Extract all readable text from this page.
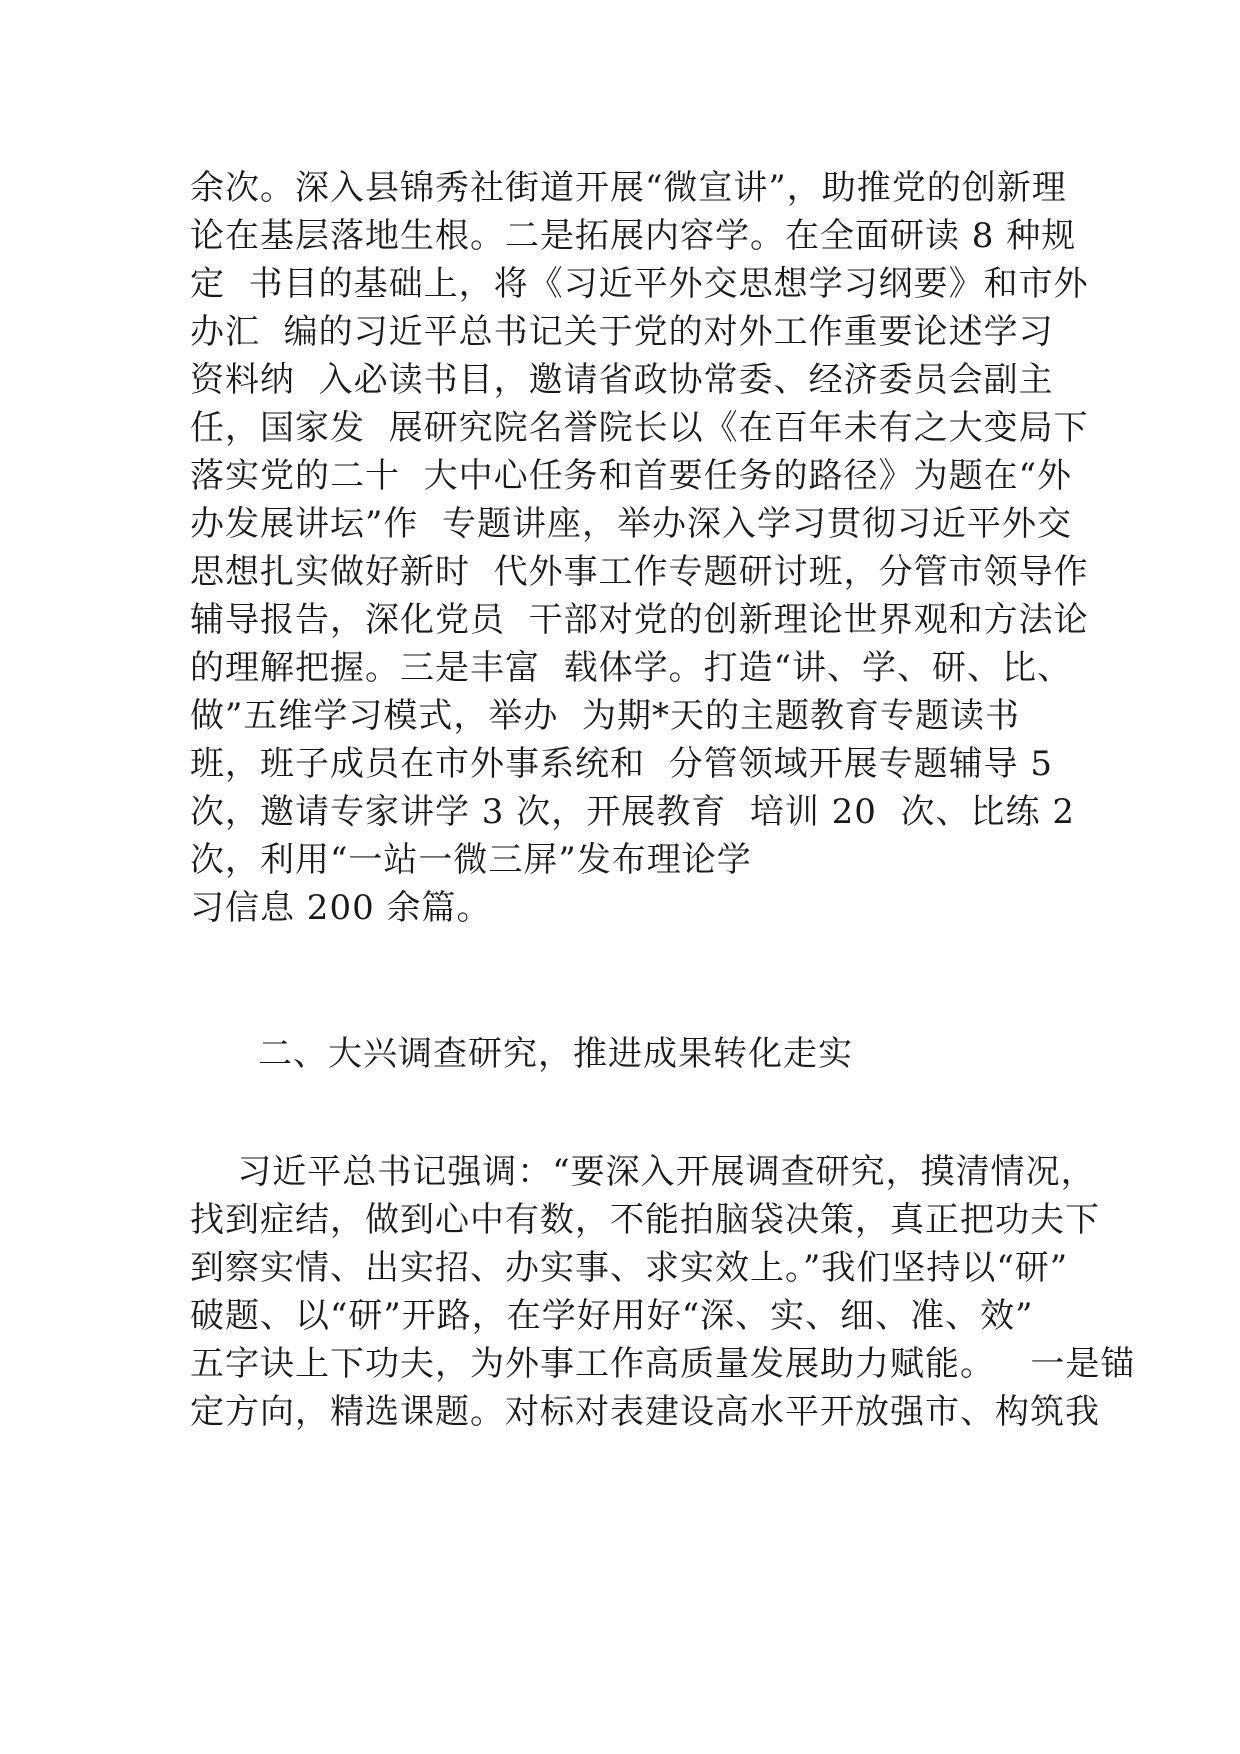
余次。深入县锦秀社街道开展“微宣讲”，助推党的创新理
论在基层落地生根。二是拓展内容学。在全面研读 8 种规
定  书目的基础上，将《习近平外交思想学习纲要》和市外
办汇  编的习近平总书记关于党的对外工作重要论述学习
资料纳  入必读书目，邀请省政协常委、经济委员会副主
任，国家发  展研究院名誉院长以《在百年未有之大变局下
落实党的二十  大中心任务和首要任务的路径》为题在“外
办发展讲坛”作  专题讲座，举办深入学习贯彻习近平外交
思想扎实做好新时  代外事工作专题研讨班，分管市领导作
辅导报告，深化党员  干部对党的创新理论世界观和方法论
的理解把握。三是丰富  载体学。打造“讲、学、研、比、
做”五维学习模式，举办  为期*天的主题教育专题读书
班，班子成员在市外事系统和  分管领域开展专题辅导 5
次，邀请专家讲学 3 次，开展教育  培训 20  次、比练 2
次，利用“一站一微三屏”发布理论学
习信息 200 余篇。
二、大兴调查研究，推进成果转化走实
习近平总书记强调：“要深入开展调查研究，摸清情况，
找到症结，做到心中有数，不能拍脑袋决策，真正把功夫下
到察实情、出实招、办实事、求实效上。”我们坚持以“研”
破题、以“研”开路，在学好用好“深、实、细、准、效”
五字诀上下功夫，为外事工作高质量发展助力赋能。   一是锚
定方向，精选课题。对标对表建设高水平开放强市、构筑我
